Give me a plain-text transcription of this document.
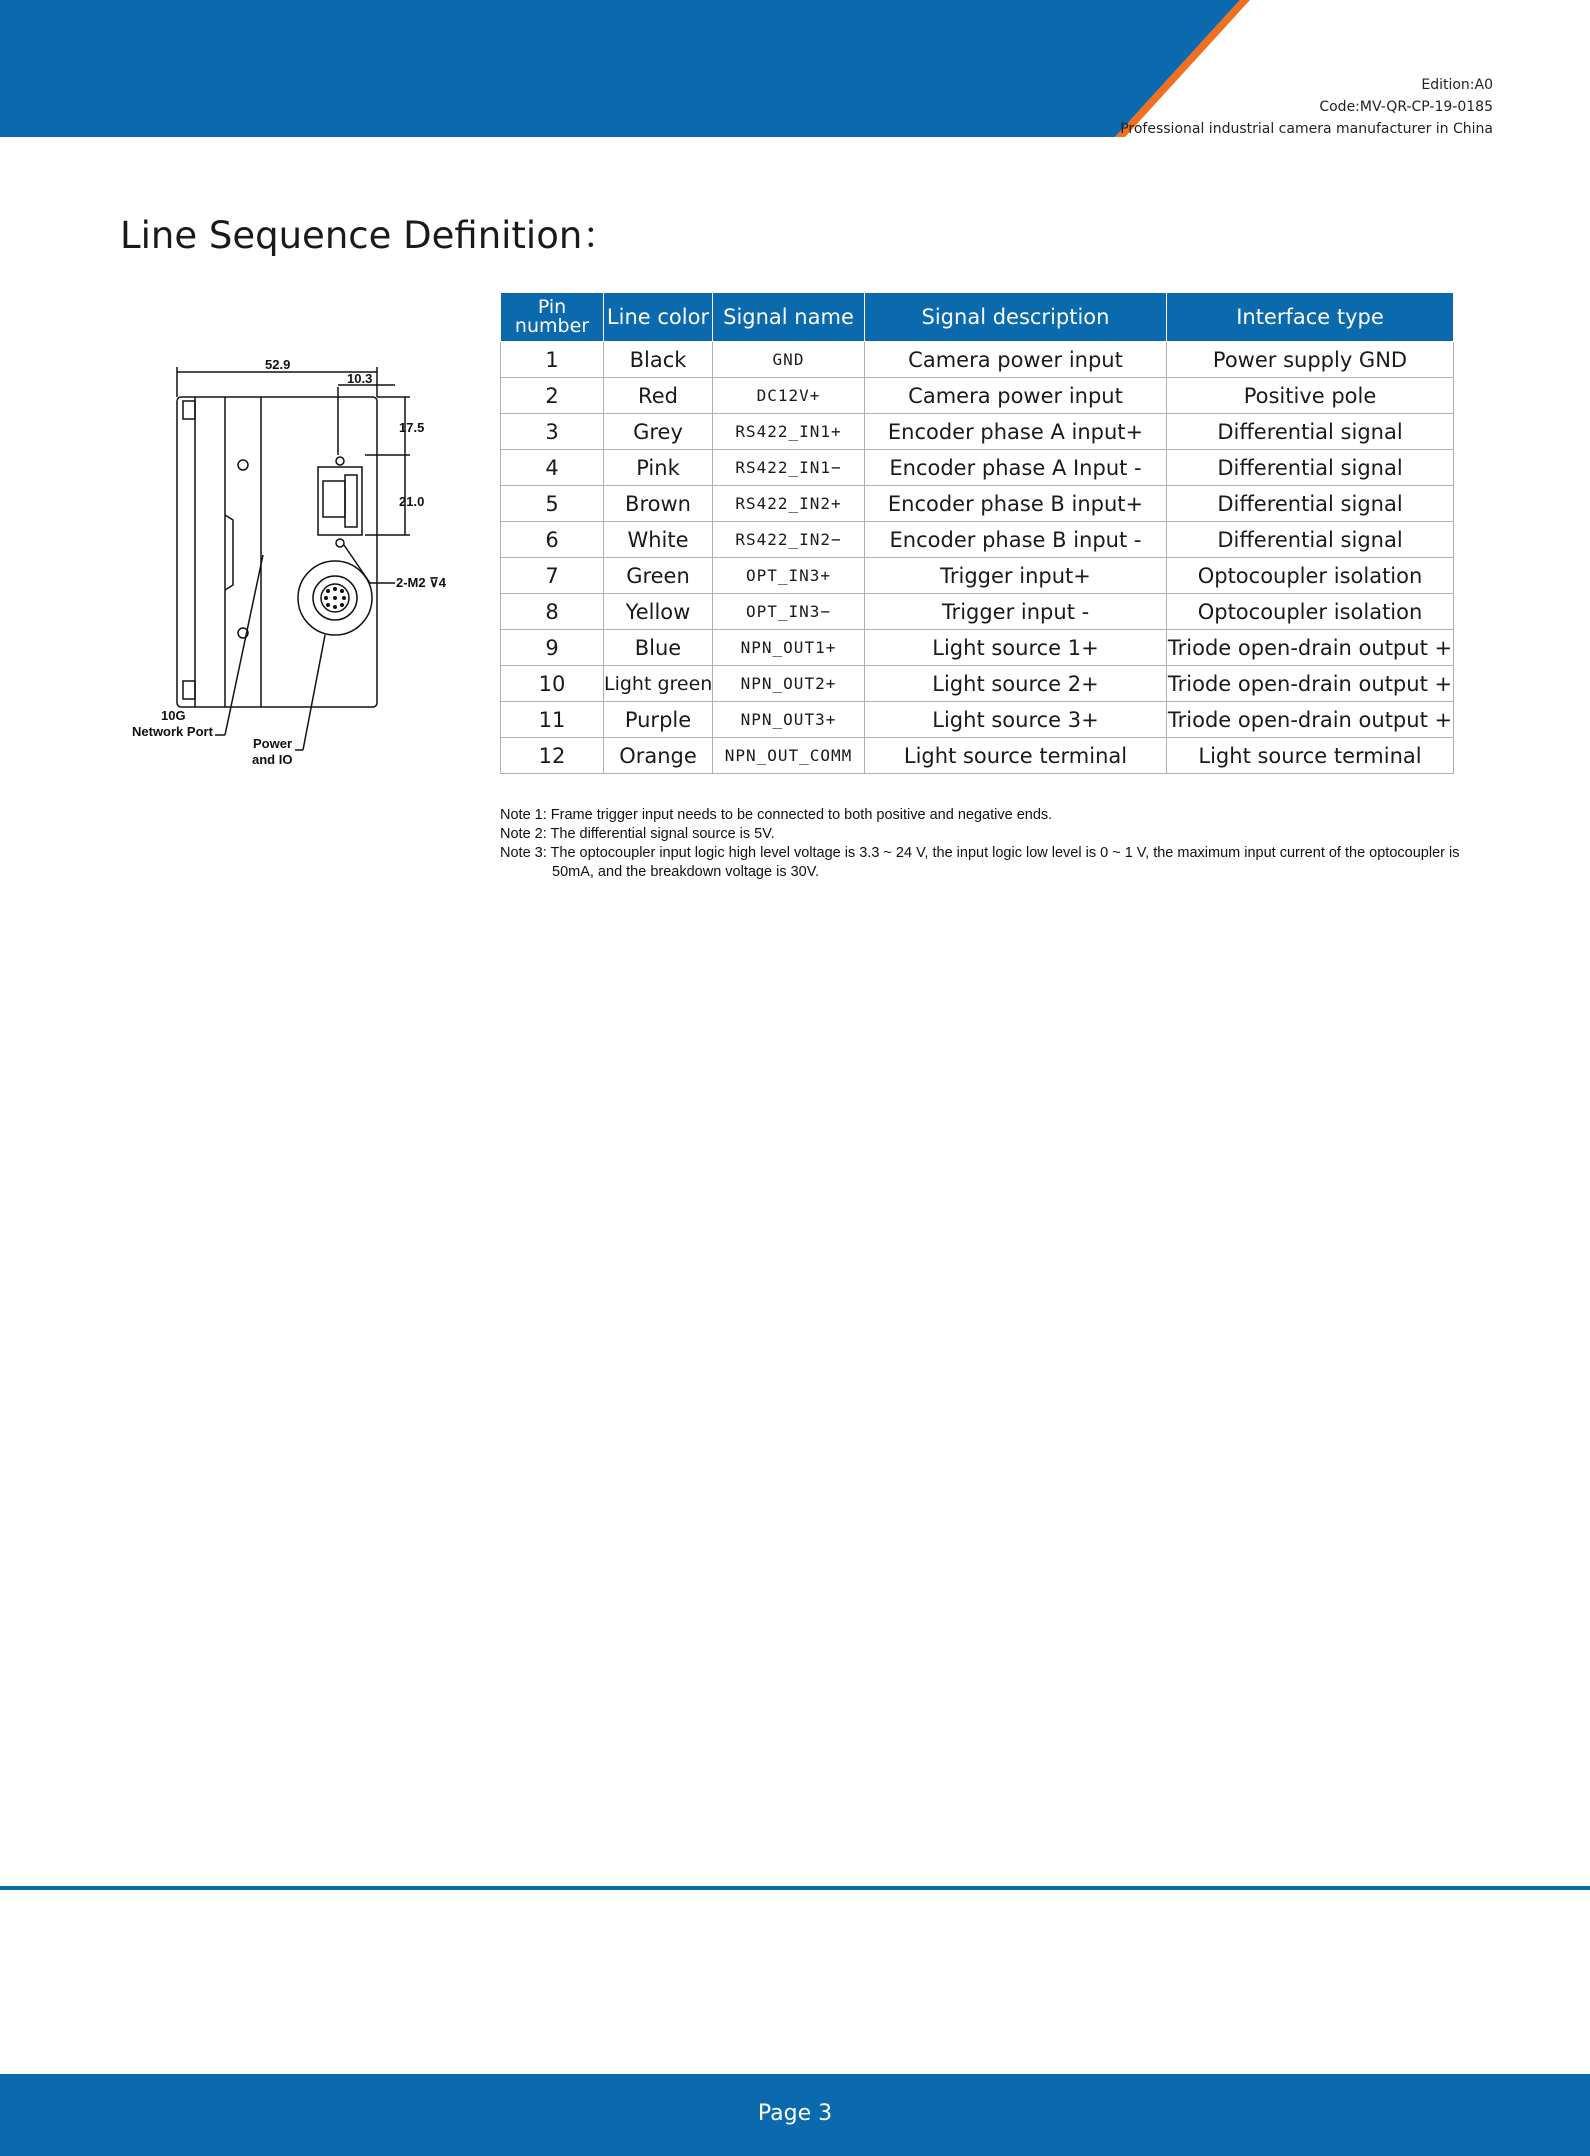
Edition:A0
Code:MV-QR-CP-19-0185
Professional industrial camera manufacturer in China
Line Sequence Definition：
52.9
10.3
17.5
21.0
2-M2 ⊽4
10G
Network Port
Power
and IO
Pin
number	Line color	Signal name	Signal description	Interface type
1	Black	GND	Camera power input	Power supply GND
2	Red	DC12V+	Camera power input	Positive pole
3	Grey	RS422_IN1+	Encoder phase A input+	Differential signal
4	Pink	RS422_IN1−	Encoder phase A Input -	Differential signal
5	Brown	RS422_IN2+	Encoder phase B input+	Differential signal
6	White	RS422_IN2−	Encoder phase B input -	Differential signal
7	Green	OPT_IN3+	Trigger input+	Optocoupler isolation
8	Yellow	OPT_IN3−	Trigger input -	Optocoupler isolation
9	Blue	NPN_OUT1+	Light source 1+	Triode open-drain output +
10	Light green	NPN_OUT2+	Light source 2+	Triode open-drain output +
11	Purple	NPN_OUT3+	Light source 3+	Triode open-drain output +
12	Orange	NPN_OUT_COMM	Light source terminal	Light source terminal

Note 1: Frame trigger input needs to be connected to both positive and negative ends.

Note 2: The differential signal source is 5V.

Note 3: The optocoupler input logic high level voltage is 3.3 ~ 24 V, the input logic low level is 0 ~ 1 V, the maximum input current of the optocoupler is 50mA, and the breakdown voltage is 30V.

Page 3
